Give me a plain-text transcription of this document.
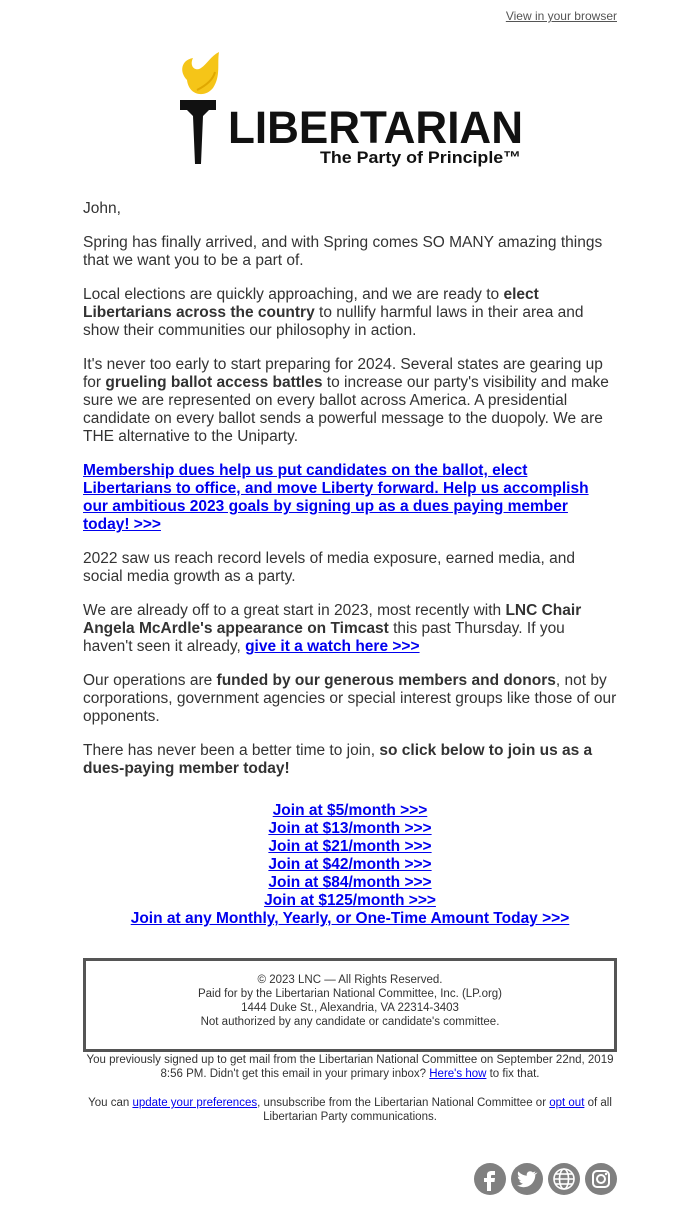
View in your browser
LIBERTARIAN
The Party of Principle™

John,

Spring has finally arrived, and with Spring comes SO MANY amazing things that we want you to be a part of.

Local elections are quickly approaching, and we are ready to elect Libertarians across the country to nullify harmful laws in their area and show their communities our philosophy in action.

It's never too early to start preparing for 2024. Several states are gearing up for grueling ballot access battles to increase our party's visibility and make sure we are represented on every ballot across America. A presidential candidate on every ballot sends a powerful message to the duopoly. We are THE alternative to the Uniparty.

Membership dues help us put candidates on the ballot, elect Libertarians to office, and move Liberty forward. Help us accomplish our ambitious 2023 goals by signing up as a dues paying member today! >>>

2022 saw us reach record levels of media exposure, earned media, and social media growth as a party.

We are already off to a great start in 2023, most recently with LNC Chair Angela McArdle's appearance on Timcast this past Thursday. If you haven't seen it already, give it a watch here >>>

Our operations are funded by our generous members and donors, not by corporations, government agencies or special interest groups like those of our opponents.

There has never been a better time to join, so click below to join us as a dues-paying member today!

Join at $5/month >>>
Join at $13/month >>>
Join at $21/month >>>
Join at $42/month >>>
Join at $84/month >>>
Join at $125/month >>>
Join at any Monthly, Yearly, or One-Time Amount Today >>>
© 2023 LNC — All Rights Reserved.
Paid for by the Libertarian National Committee, Inc. (LP.org)
1444 Duke St., Alexandria, VA 22314-3403
Not authorized by any candidate or candidate's committee.
You previously signed up to get mail from the Libertarian National Committee on September 22nd, 2019 8:56 PM. Didn't get this email in your primary inbox? Here's how to fix that.
You can update your preferences, unsubscribe from the Libertarian National Committee or opt out of all Libertarian Party communications.
